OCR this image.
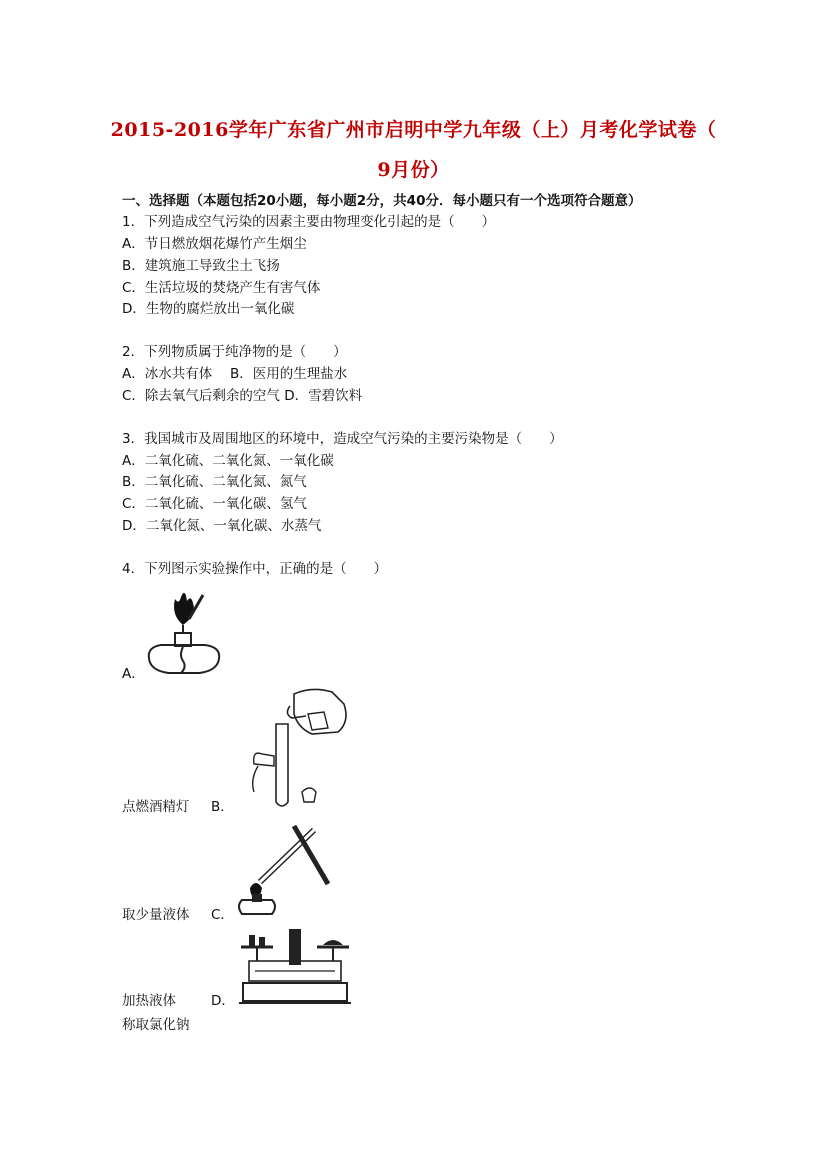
2015-2016学年广东省广州市启明中学九年级（上）月考化学试卷（
9月份）
一、选择题（本题包括20小题，每小题2分，共40分．每小题只有一个选项符合题意）
1．下列造成空气污染的因素主要由物理变化引起的是（　　）
A．节日燃放烟花爆竹产生烟尘
B．建筑施工导致尘土飞扬
C．生活垃圾的焚烧产生有害气体
D．生物的腐烂放出一氧化碳
2．下列物质属于纯净物的是（　　）
A．冰水共有体　 B．医用的生理盐水
C．除去氧气后剩余的空气 D．雪碧饮料
3．我国城市及周围地区的环境中，造成空气污染的主要污染物是（　　）
A．二氧化硫、二氧化氮、一氧化碳
B．二氧化硫、二氧化氮、氮气
C．二氧化硫、一氧化碳、氢气
D．二氧化氮、一氧化碳、水蒸气
4．下列图示实验操作中，正确的是（　　）
A．
点燃酒精灯 B．
取少量液体 C．
加热液体	D．
称取氯化钠
